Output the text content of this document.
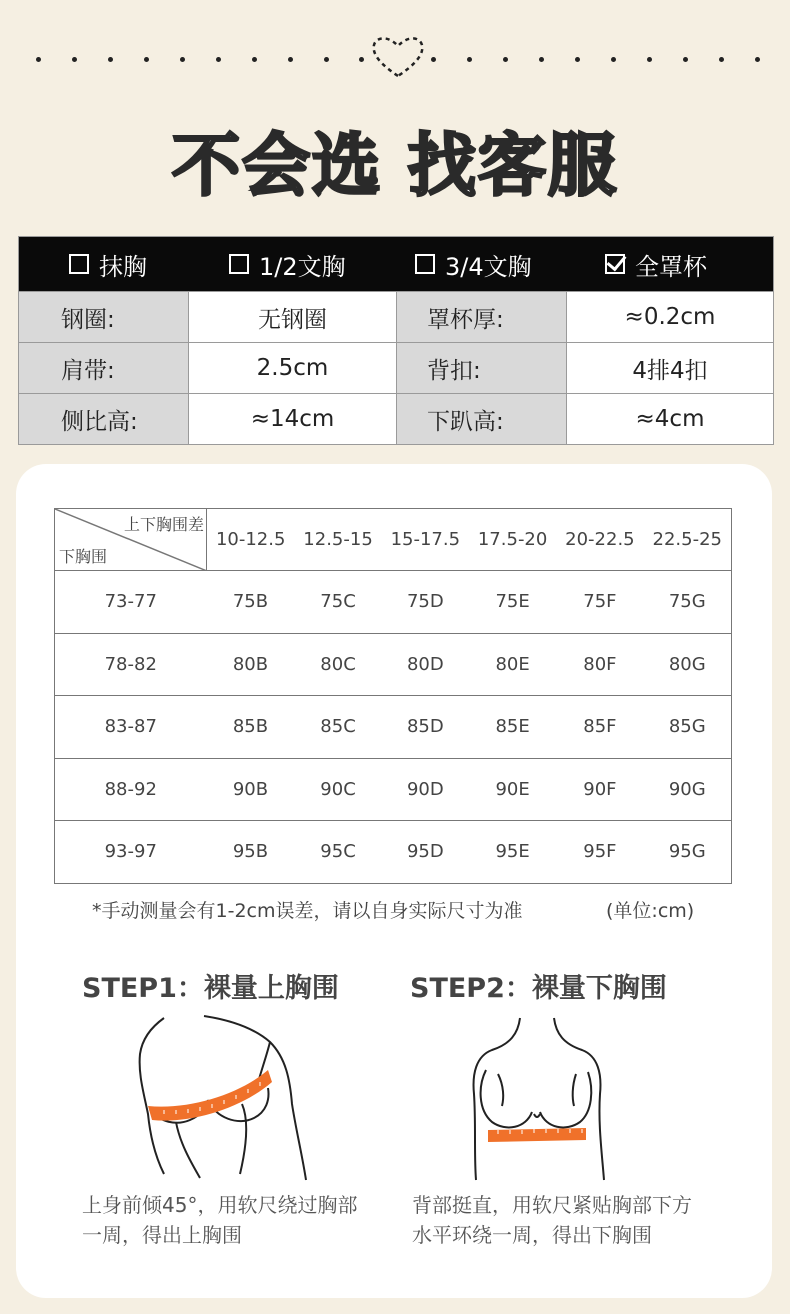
不会选 找客服
抹胸	1/2文胸	3/4文胸	全罩杯
钢圈:	无钢圈	罩杯厚:	≈0.2cm
肩带:	2.5cm	背扣:	4排4扣
侧比高:	≈14cm	下趴高:	≈4cm
上下胸围差
下胸围	10-12.5	12.5-15	15-17.5	17.5-20	20-22.5	22.5-25
73-77	75B	75C	75D	75E	75F	75G
78-82	80B	80C	80D	80E	80F	80G
83-87	85B	85C	85D	85E	85F	85G
88-92	90B	90C	90D	90E	90F	90G
93-97	95B	95C	95D	95E	95F	95G
*手动测量会有1-2cm误差，请以自身实际尺寸为准	(单位:cm)
STEP1：裸量上胸围
上身前倾45°，用软尺绕过胸部
一周，得出上胸围
STEP2：裸量下胸围
背部挺直，用软尺紧贴胸部下方
水平环绕一周，得出下胸围
